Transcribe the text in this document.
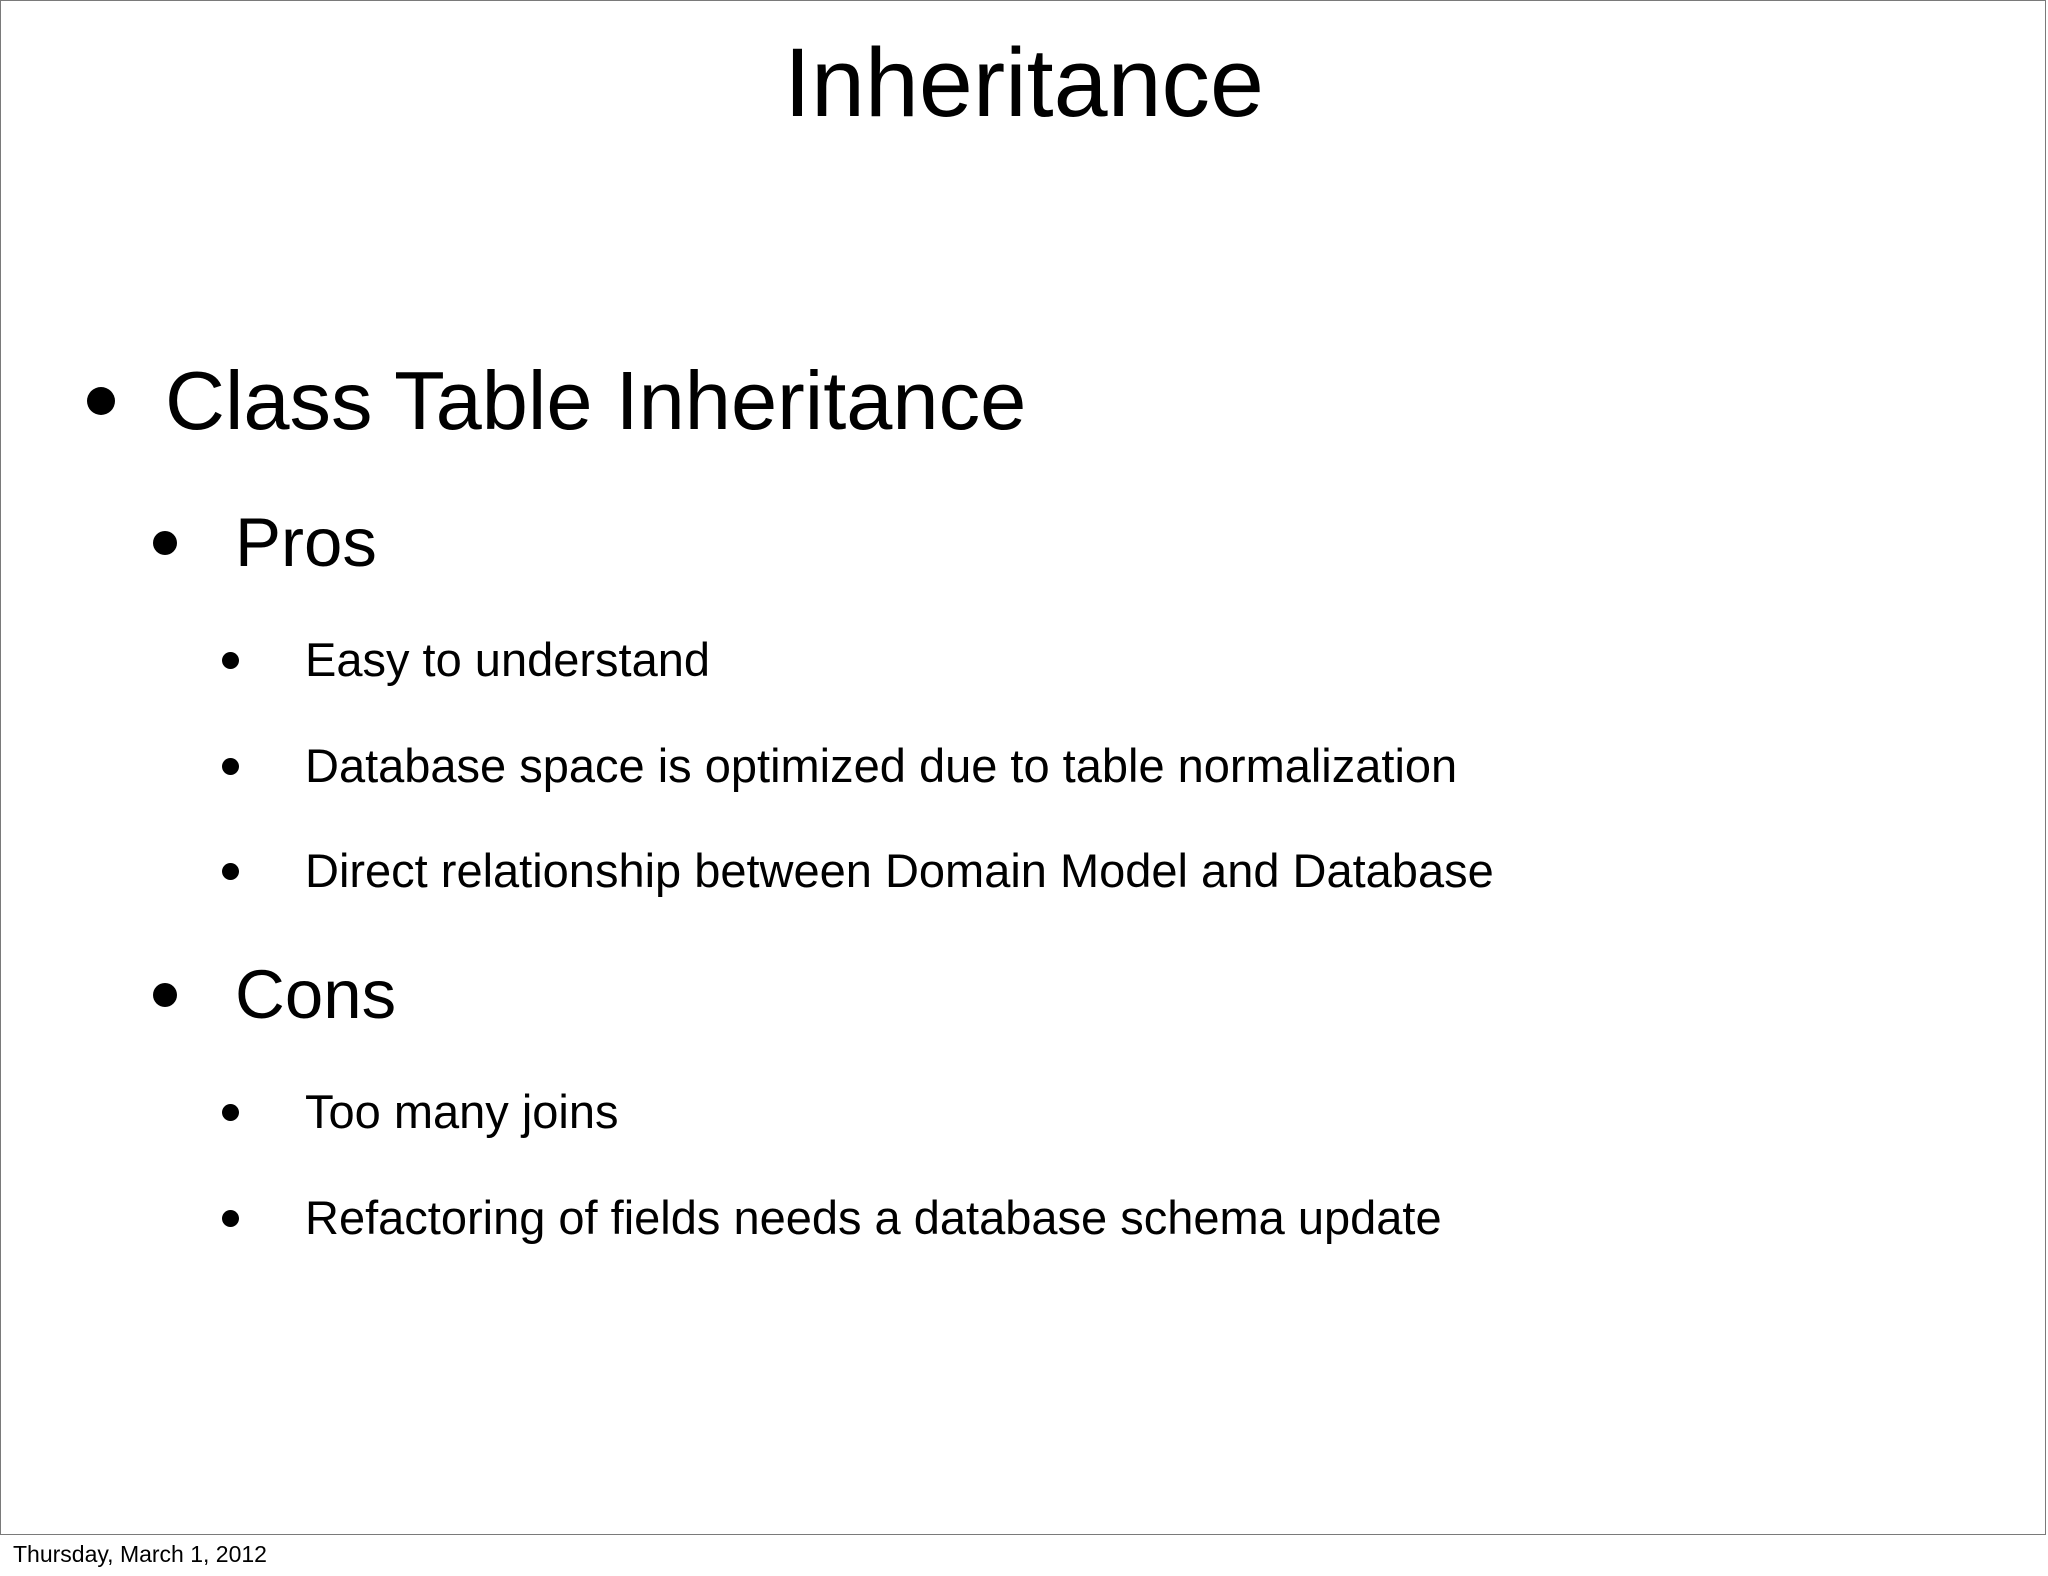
Inheritance
Class Table Inheritance
Pros
Easy to understand
Database space is optimized due to table normalization
Direct relationship between Domain Model and Database
Cons
Too many joins
Refactoring of fields needs a database schema update
Thursday, March 1, 2012
